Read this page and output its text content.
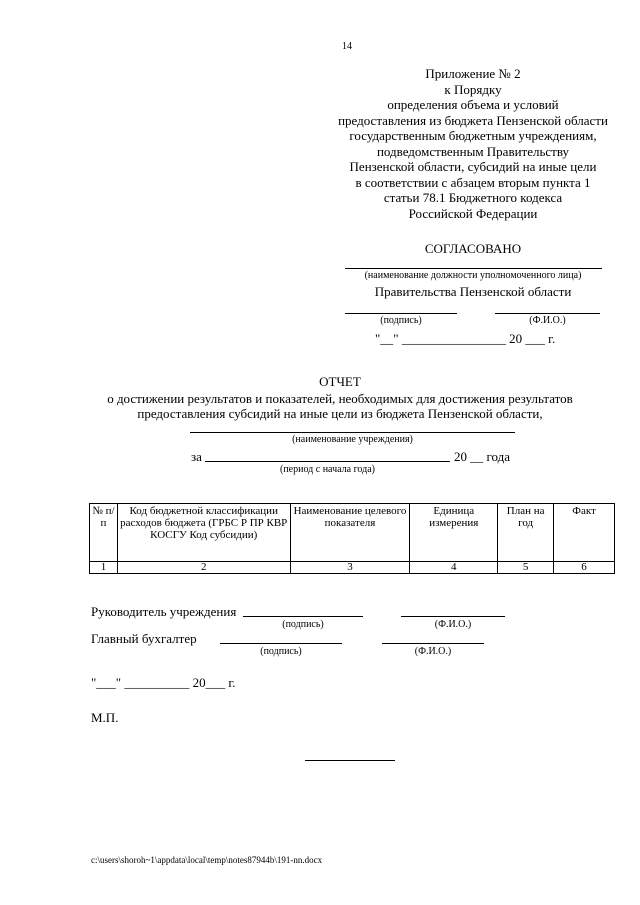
14
Приложение № 2
к Порядку
определения объема и условий
предоставления из бюджета Пензенской области
государственным бюджетным учреждениям,
подведомственным Правительству
Пензенской области, субсидий на иные цели
в соответствии с абзацем вторым пункта 1
статьи 78.1 Бюджетного кодекса
Российской Федерации
СОГЛАСОВАНО
(наименование должности уполномоченного лица)
Правительства Пензенской области
(подпись)	(Ф.И.О.)
"__" ________________ 20 ___ г.
ОТЧЕТ
о достижении результатов и показателей, необходимых для достижения результатов
предоставления субсидий на иные цели из бюджета Пензенской области,
(наименование учреждения)
за	20 __ года
(период с начала года)
№ п/п	Код бюджетной классификации расходов бюджета (ГРБС Р ПР КВР КОСГУ Код субсидии)	Наименование целевого показателя	Единица измерения	План на год	Факт
1	2	3	4	5	6
Руководитель учреждения
(подпись)	(Ф.И.О.)
Главный бухгалтер
(подпись)	(Ф.И.О.)
"___" __________ 20___ г.
М.П.
c:\users\shoroh~1\appdata\local\temp\notes87944b\191-nn.docx
